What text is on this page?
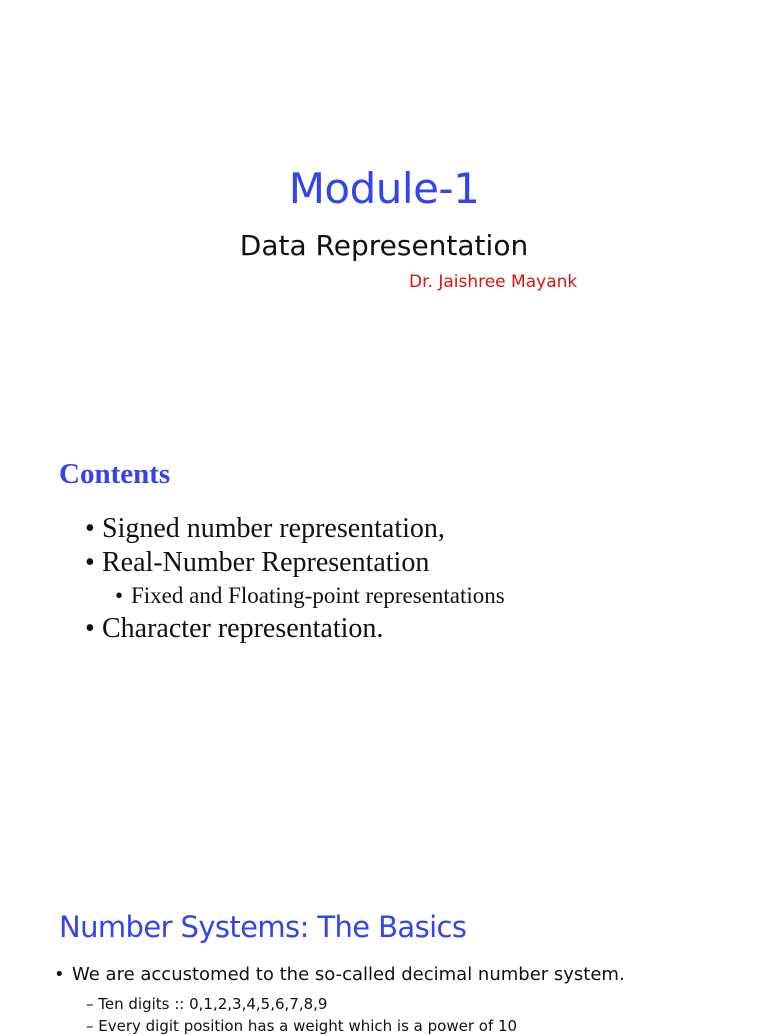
Module-1
Data Representation
Dr. Jaishree Mayank
Contents
• Signed number representation,
• Real-Number Representation
• Fixed and Floating-point representations
• Character representation.
Number Systems: The Basics
• We are accustomed to the so-called decimal number system.
– Ten digits :: 0,1,2,3,4,5,6,7,8,9
– Every digit position has a weight which is a power of 10
